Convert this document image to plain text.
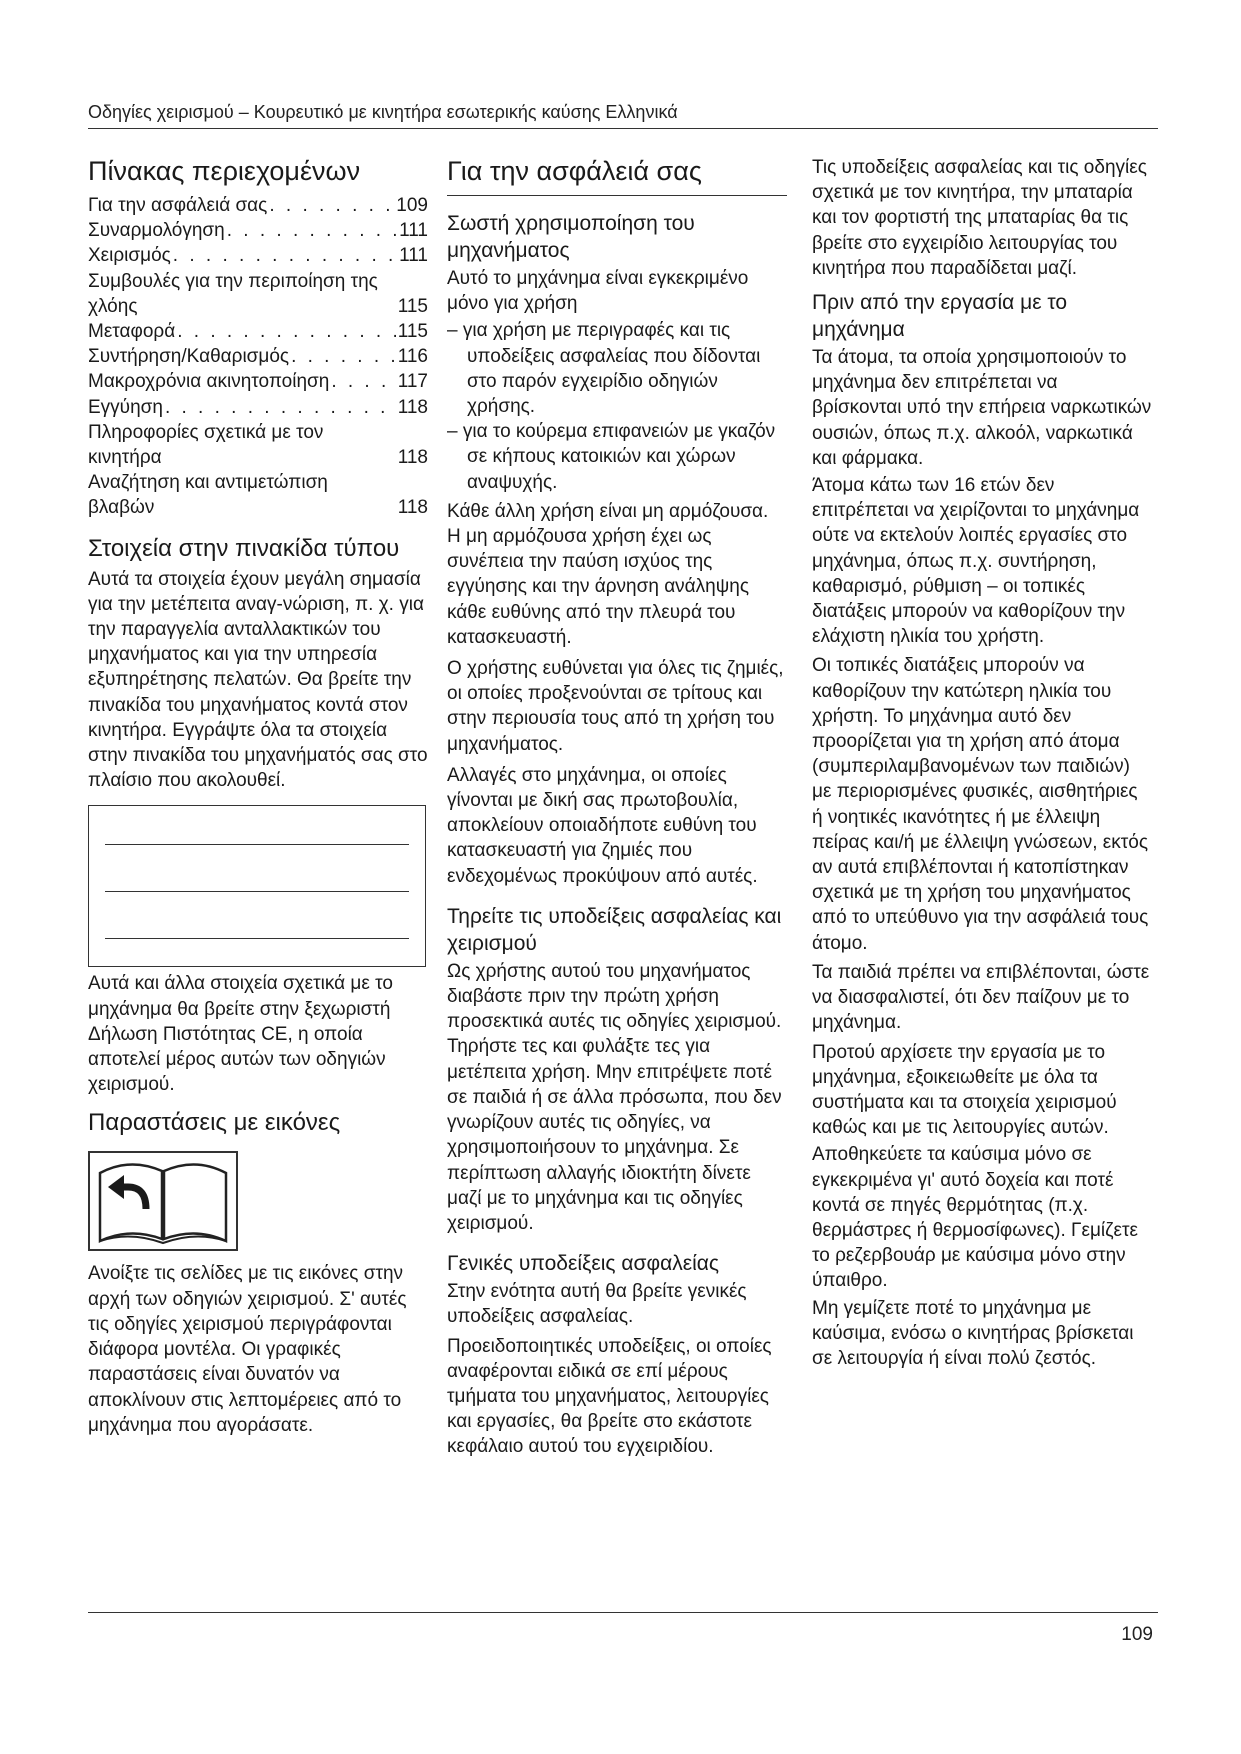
Οδηγίες χειρισμού – Κουρευτικό με κινητήρα εσωτερικής καύσης Ελληνικά
Πίνακας περιεχομένων
Για την ασφάλειά σας . . .	109
Συναρμολόγηση . . .	111
Χειρισμός . . .	111
Συμβουλές για την περιποίηση της χλόης	115
Μεταφορά . . .	115
Συντήρηση/Καθαρισμός . . .	116
Μακροχρόνια ακινητοποίηση . . .	117
Εγγύηση . . .	118
Πληροφορίες σχετικά με τον κινητήρα	118
Αναζήτηση και αντιμετώπιση βλαβών	118
Στοιχεία στην πινακίδα τύπου

Αυτά τα στοιχεία έχουν μεγάλη σημασία για την μετέπειτα αναγ-νώριση, π. χ. για την παραγγελία ανταλλακτικών του μηχανήματος και για την υπηρεσία εξυπηρέτησης πελατών. Θα βρείτε την πινακίδα του μηχανήματος κοντά στον κινητήρα. Εγγράψτε όλα τα στοιχεία στην πινακίδα του μηχανήματός σας στο πλαίσιο που ακολουθεί.

Αυτά και άλλα στοιχεία σχετικά με το μηχάνημα θα βρείτε στην ξεχωριστή Δήλωση Πιστότητας CE, η οποία αποτελεί μέρος αυτών των οδηγιών χειρισμού.

Παραστάσεις με εικόνες

Ανοίξτε τις σελίδες με τις εικόνες στην αρχή των οδηγιών χειρισμού. Σ' αυτές τις οδηγίες χειρισμού περιγράφονται διάφορα μοντέλα. Οι γραφικές παραστάσεις είναι δυνατόν να αποκλίνουν στις λεπτομέρειες από το μηχάνημα που αγοράσατε.

Για την ασφάλειά σας
Σωστή χρησιμοποίηση του μηχανήματος

Αυτό το μηχάνημα είναι εγκεκριμένο μόνο για χρήση

– για χρήση με περιγραφές και τις υποδείξεις ασφαλείας που δίδονται στο παρόν εγχειρίδιο οδηγιών χρήσης.
– για το κούρεμα επιφανειών με γκαζόν σε κήπους κατοικιών και χώρων αναψυχής.

Κάθε άλλη χρήση είναι μη αρμόζουσα. Η μη αρμόζουσα χρήση έχει ως συνέπεια την παύση ισχύος της εγγύησης και την άρνηση ανάληψης κάθε ευθύνης από την πλευρά του κατασκευαστή.

Ο χρήστης ευθύνεται για όλες τις ζημιές, οι οποίες προξενούνται σε τρίτους και στην περιουσία τους από τη χρήση του μηχανήματος.

Αλλαγές στο μηχάνημα, οι οποίες γίνονται με δική σας πρωτοβουλία, αποκλείουν οποιαδήποτε ευθύνη του κατασκευαστή για ζημιές που ενδεχομένως προκύψουν από αυτές.

Τηρείτε τις υποδείξεις ασφαλείας και χειρισμού

Ως χρήστης αυτού του μηχανήματος διαβάστε πριν την πρώτη χρήση προσεκτικά αυτές τις οδηγίες χειρισμού. Τηρήστε τες και φυλάξτε τες για μετέπειτα χρήση. Μην επιτρέψετε ποτέ σε παιδιά ή σε άλλα πρόσωπα, που δεν γνωρίζουν αυτές τις οδηγίες, να χρησιμοποιήσουν το μηχάνημα. Σε περίπτωση αλλαγής ιδιοκτήτη δίνετε μαζί με το μηχάνημα και τις οδηγίες χειρισμού.

Γενικές υποδείξεις ασφαλείας

Στην ενότητα αυτή θα βρείτε γενικές υποδείξεις ασφαλείας.

Προειδοποιητικές υποδείξεις, οι οποίες αναφέρονται ειδικά σε επί μέρους τμήματα του μηχανήματος, λειτουργίες και εργασίες, θα βρείτε στο εκάστοτε κεφάλαιο αυτού του εγχειριδίου.

Τις υποδείξεις ασφαλείας και τις οδηγίες σχετικά με τον κινητήρα, την μπαταρία και τον φορτιστή της μπαταρίας θα τις βρείτε στο εγχειρίδιο λειτουργίας του κινητήρα που παραδίδεται μαζί.

Πριν από την εργασία με το μηχάνημα

Τα άτομα, τα οποία χρησιμοποιούν το μηχάνημα δεν επιτρέπεται να βρίσκονται υπό την επήρεια ναρκωτικών ουσιών, όπως π.χ. αλκοόλ, ναρκωτικά και φάρμακα.

Άτομα κάτω των 16 ετών δεν επιτρέπεται να χειρίζονται το μηχάνημα ούτε να εκτελούν λοιπές εργασίες στο μηχάνημα, όπως π.χ. συντήρηση, καθαρισμό, ρύθμιση – οι τοπικές διατάξεις μπορούν να καθορίζουν την ελάχιστη ηλικία του χρήστη.

Οι τοπικές διατάξεις μπορούν να καθορίζουν την κατώτερη ηλικία του χρήστη. Το μηχάνημα αυτό δεν προορίζεται για τη χρήση από άτομα (συμπεριλαμβανομένων των παιδιών) με περιορισμένες φυσικές, αισθητήριες ή νοητικές ικανότητες ή με έλλειψη πείρας και/ή με έλλειψη γνώσεων, εκτός αν αυτά επιβλέπονται ή κατοπίστηκαν σχετικά με τη χρήση του μηχανήματος από το υπεύθυνο για την ασφάλειά τους άτομο.

Τα παιδιά πρέπει να επιβλέπονται, ώστε να διασφαλιστεί, ότι δεν παίζουν με το μηχάνημα.

Προτού αρχίσετε την εργασία με το μηχάνημα, εξοικειωθείτε με όλα τα συστήματα και τα στοιχεία χειρισμού καθώς και με τις λειτουργίες αυτών.

Αποθηκεύετε τα καύσιμα μόνο σε εγκεκριμένα γι' αυτό δοχεία και ποτέ κοντά σε πηγές θερμότητας (π.χ. θερμάστρες ή θερμοσίφωνες). Γεμίζετε το ρεζερβουάρ με καύσιμα μόνο στην ύπαιθρο.

Μη γεμίζετε ποτέ το μηχάνημα με καύσιμα, ενόσω ο κινητήρας βρίσκεται σε λειτουργία ή είναι πολύ ζεστός.

109
